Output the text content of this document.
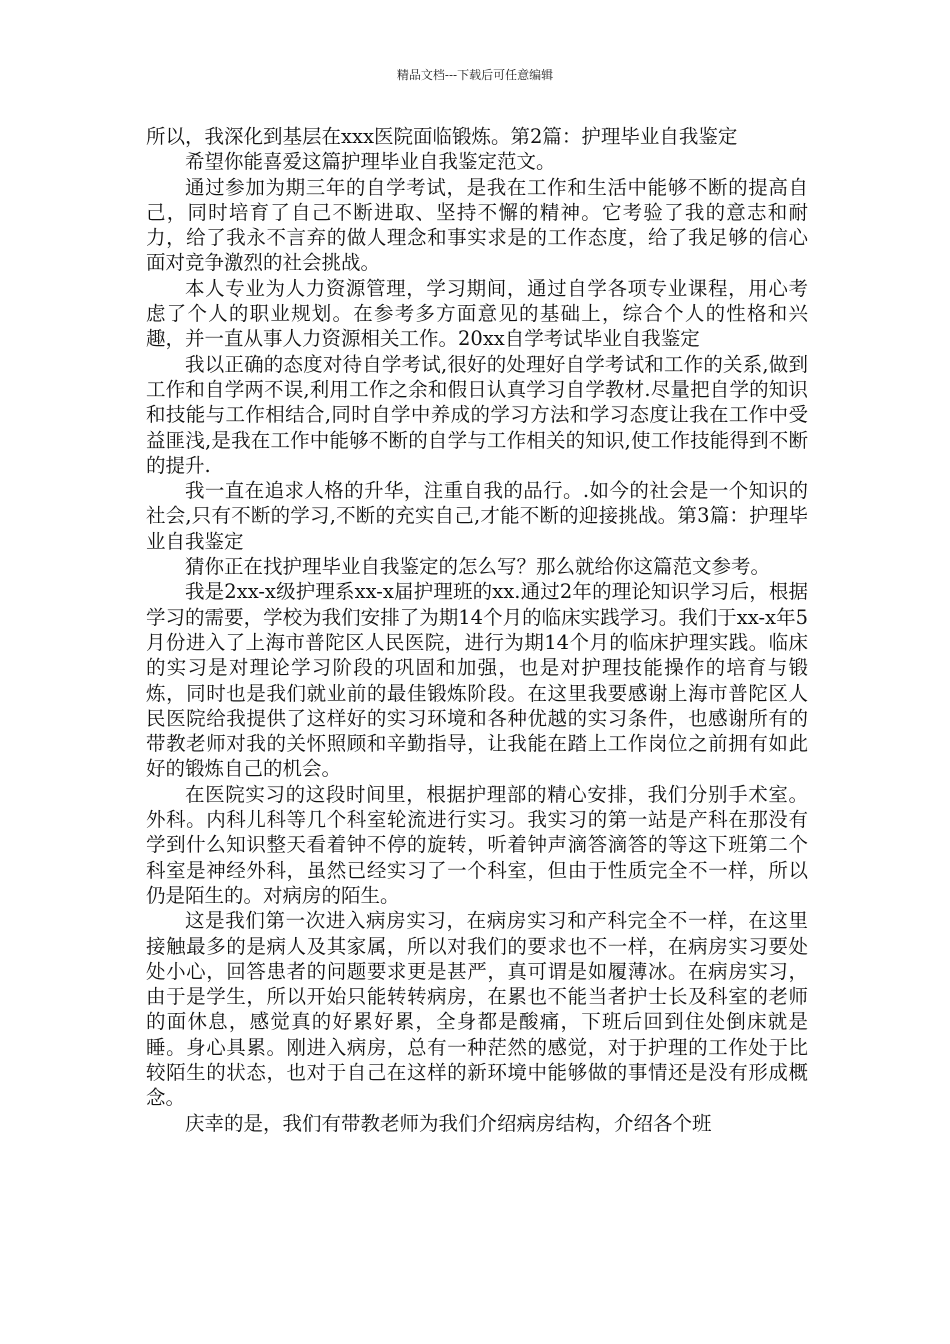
精品文档---下载后可任意编辑

所以，我深化到基层在xxx医院面临锻炼。第2篇：护理毕业自我鉴定

希望你能喜爱这篇护理毕业自我鉴定范文。

通过参加为期三年的自学考试，是我在工作和生活中能够不断的提高自己，同时培育了自己不断进取、坚持不懈的精神。它考验了我的意志和耐力，给了我永不言弃的做人理念和事实求是的工作态度，给了我足够的信心面对竞争激烈的社会挑战。

本人专业为人力资源管理，学习期间，通过自学各项专业课程，用心考虑了个人的职业规划。在参考多方面意见的基础上，综合个人的性格和兴趣，并一直从事人力资源相关工作。20xx自学考试毕业自我鉴定

我以正确的态度对待自学考试,很好的处理好自学考试和工作的关系,做到工作和自学两不误,利用工作之余和假日认真学习自学教材.尽量把自学的知识和技能与工作相结合,同时自学中养成的学习方法和学习态度让我在工作中受益匪浅,是我在工作中能够不断的自学与工作相关的知识,使工作技能得到不断的提升.

我一直在追求人格的升华，注重自我的品行。.如今的社会是一个知识的社会,只有不断的学习,不断的充实自己,才能不断的迎接挑战。第3篇：护理毕业自我鉴定

猜你正在找护理毕业自我鉴定的怎么写？那么就给你这篇范文参考。

我是2xx-x级护理系xx-x届护理班的xx.通过2年的理论知识学习后，根据学习的需要，学校为我们安排了为期14个月的临床实践学习。我们于xx-x年5月份进入了上海市普陀区人民医院，进行为期14个月的临床护理实践。临床的实习是对理论学习阶段的巩固和加强，也是对护理技能操作的培育与锻炼，同时也是我们就业前的最佳锻炼阶段。在这里我要感谢上海市普陀区人民医院给我提供了这样好的实习环境和各种优越的实习条件，也感谢所有的带教老师对我的关怀照顾和辛勤指导，让我能在踏上工作岗位之前拥有如此好的锻炼自己的机会。

在医院实习的这段时间里，根据护理部的精心安排，我们分别手术室。外科。内科儿科等几个科室轮流进行实习。我实习的第一站是产科在那没有学到什么知识整天看着钟不停的旋转，听着钟声滴答滴答的等这下班第二个科室是神经外科，虽然已经实习了一个科室，但由于性质完全不一样，所以仍是陌生的。对病房的陌生。

这是我们第一次进入病房实习，在病房实习和产科完全不一样，在这里接触最多的是病人及其家属，所以对我们的要求也不一样，在病房实习要处处小心，回答患者的问题要求更是甚严，真可谓是如履薄冰。在病房实习，由于是学生，所以开始只能转转病房，在累也不能当者护士长及科室的老师的面休息，感觉真的好累好累，全身都是酸痛，下班后回到住处倒床就是睡。身心具累。刚进入病房，总有一种茫然的感觉，对于护理的工作处于比较陌生的状态，也对于自己在这样的新环境中能够做的事情还是没有形成概念。

庆幸的是，我们有带教老师为我们介绍病房结构，介绍各个班
